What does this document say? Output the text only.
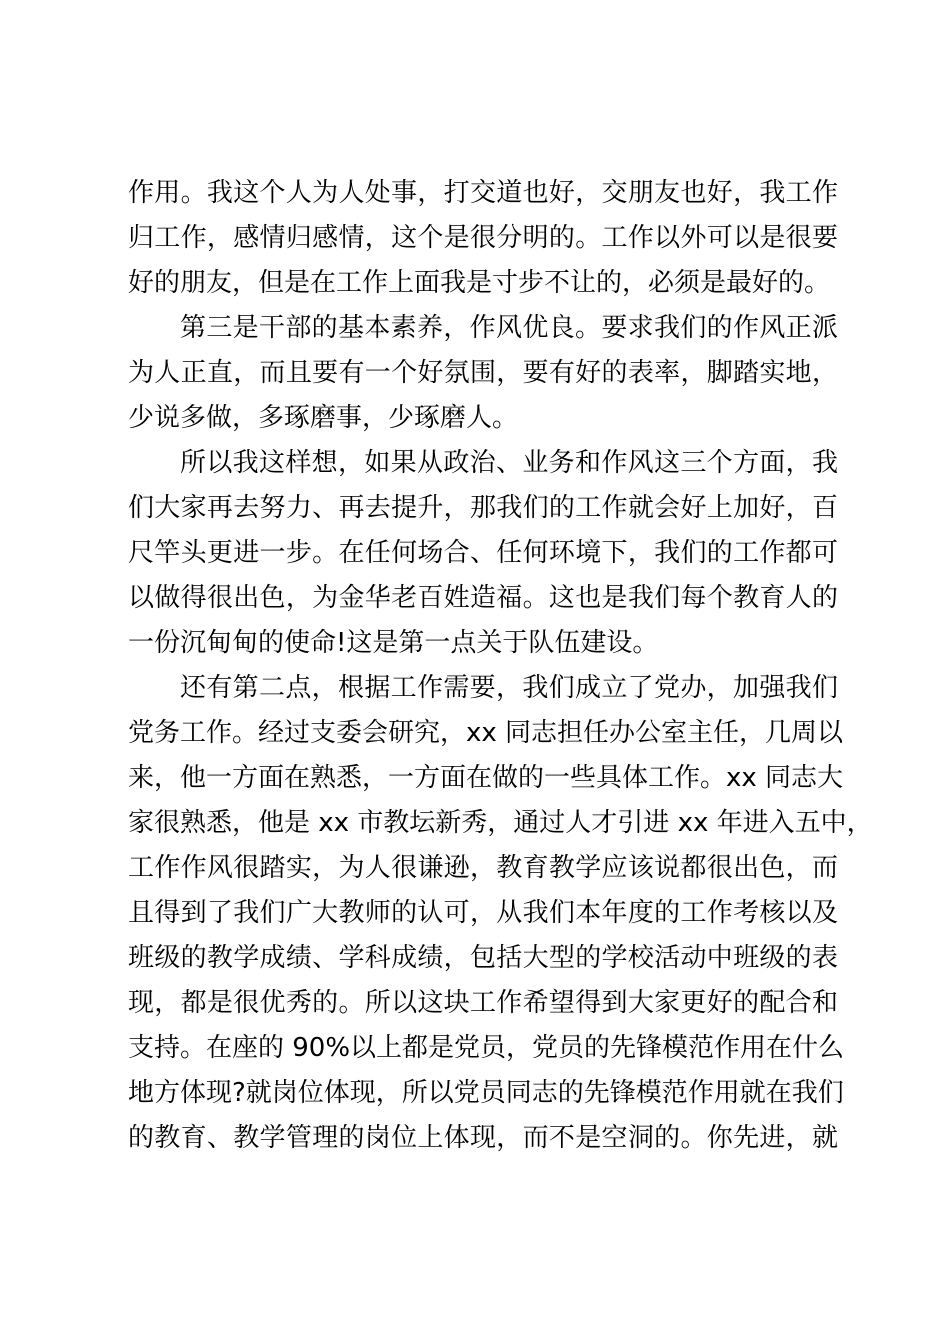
作用。我这个人为人处事，打交道也好，交朋友也好，我工作
归工作，感情归感情，这个是很分明的。工作以外可以是很要
好的朋友，但是在工作上面我是寸步不让的，必须是最好的。
第三是干部的基本素养，作风优良。要求我们的作风正派
为人正直，而且要有一个好氛围，要有好的表率，脚踏实地，
少说多做，多琢磨事，少琢磨人。
所以我这样想，如果从政治、业务和作风这三个方面，我
们大家再去努力、再去提升，那我们的工作就会好上加好，百
尺竿头更进一步。在任何场合、任何环境下，我们的工作都可
以做得很出色，为金华老百姓造福。这也是我们每个教育人的
一份沉甸甸的使命!这是第一点关于队伍建设。
还有第二点，根据工作需要，我们成立了党办，加强我们
党务工作。经过支委会研究，xx 同志担任办公室主任，几周以
来，他一方面在熟悉，一方面在做的一些具体工作。xx 同志大
家很熟悉，他是 xx 市教坛新秀，通过人才引进 xx 年进入五中，
工作作风很踏实，为人很谦逊，教育教学应该说都很出色，而
且得到了我们广大教师的认可，从我们本年度的工作考核以及
班级的教学成绩、学科成绩，包括大型的学校活动中班级的表
现，都是很优秀的。所以这块工作希望得到大家更好的配合和
支持。在座的 90%以上都是党员，党员的先锋模范作用在什么
地方体现?就岗位体现，所以党员同志的先锋模范作用就在我们
的教育、教学管理的岗位上体现，而不是空洞的。你先进，就
